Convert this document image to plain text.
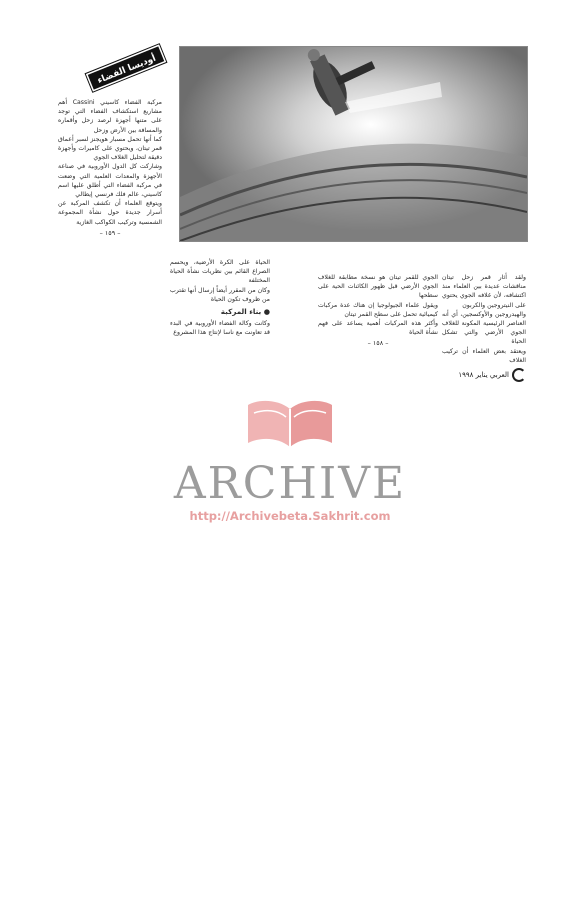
أوديسا الفضاء

مركبة الفضاء كاسيني Cassini أهم مشاريع استكشاف الفضاء التي توجد على متنها أجهزة لرصد زحل وأقماره والمسافة بين الأرض وزحل

كما أنها تحمل مسبار هويجنز لسبر أعماق قمر تيتان، ويحتوي على كاميرات وأجهزة دقيقة لتحليل الغلاف الجوي

وشاركت كل الدول الأوروبية في صناعة الأجهزة والمعدات العلمية التي وضعت في مركبة الفضاء التي أطلق عليها اسم كاسيني، عالم فلك فرنسي إيطالي

ويتوقع العلماء أن تكشف المركبة عن أسرار جديدة حول نشأة المجموعة الشمسية وتركيب الكواكب الغازية

– ١٥٩ –

الحياة على الكرة الأرضية، ويحسم الصراع القائم بين نظريات نشأة الحياة المختلفة

وكان من المقرر أيضاً إرسال أنها تقترب من ظروف تكون الحياة

● بناء المركبة

وكانت وكالة الفضاء الأوروبية في البدء قد تعاونت مع ناسا لإنتاج هذا المشروع

الجوي للقمر تيتان هو نسخة مطابقة للغلاف الجوي الأرضي قبل ظهور الكائنات الحية على سطحها

ويقول علماء الجيولوجيا إن هناك عدة مركبات كيميائية تحمل على سطح القمر تيتان

وأكثر هذه المركبات أهمية يساعد على فهم نشأة الحياة

– ١٥٨ –

ولقد أثار قمر زحل تيتان مناقشات عديدة بين العلماء منذ اكتشافه، لأن غلافه الجوي يحتوي على النيتروجين والكربون

والهيدروجين والأوكسجين، أي أنه العناصر الرئيسية المكونة للغلاف الجوي الأرضي والتي تشكل الحياة

ويعتقد بعض العلماء أن تركيب الغلاف

العربي يناير ١٩٩٨
ARCHIVE
http://Archivebeta.Sakhrit.com
